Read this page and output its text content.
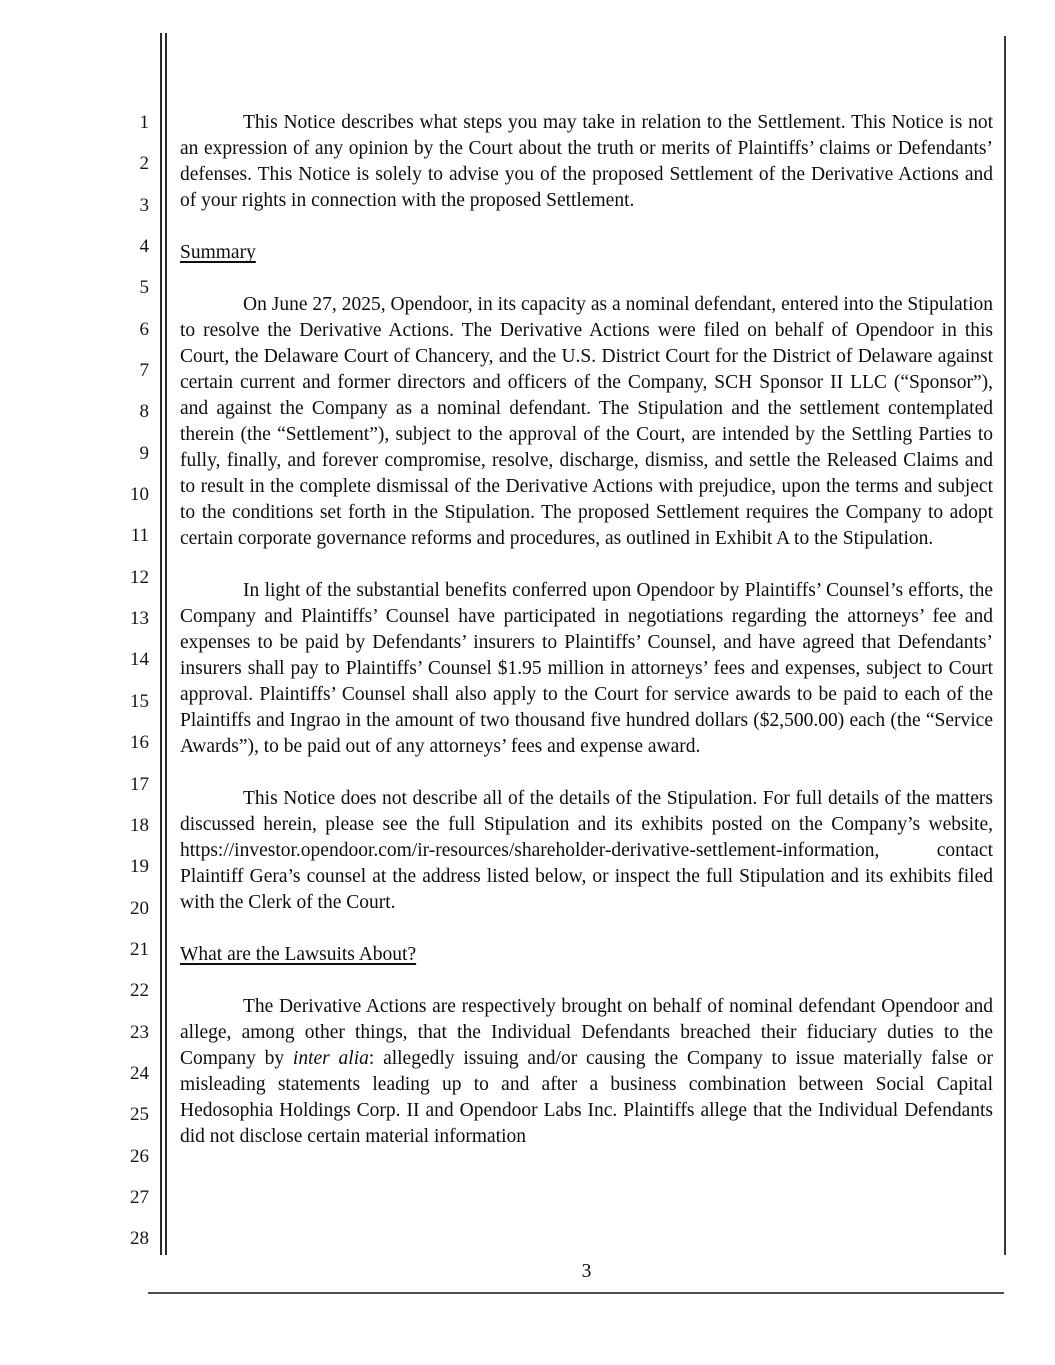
1
2
3
4
5
6
7
8
9
10
11
12
13
14
15
16
17
18
19
20
21
22
23
24
25
26
27
28

This Notice describes what steps you may take in relation to the Settlement. This Notice is not an expression of any opinion by the Court about the truth or merits of Plaintiffs’ claims or Defendants’ defenses. This Notice is solely to advise you of the proposed Settlement of the Derivative Actions and of your rights in connection with the proposed Settlement.

Summary

On June 27, 2025, Opendoor, in its capacity as a nominal defendant, entered into the Stipulation to resolve the Derivative Actions. The Derivative Actions were filed on behalf of Opendoor in this Court, the Delaware Court of Chancery, and the U.S. District Court for the District of Delaware against certain current and former directors and officers of the Company, SCH Sponsor II LLC (“Sponsor”), and against the Company as a nominal defendant. The Stipulation and the settlement contemplated therein (the “Settlement”), subject to the approval of the Court, are intended by the Settling Parties to fully, finally, and forever compromise, resolve, discharge, dismiss, and settle the Released Claims and to result in the complete dismissal of the Derivative Actions with prejudice, upon the terms and subject to the conditions set forth in the Stipulation. The proposed Settlement requires the Company to adopt certain corporate governance reforms and procedures, as outlined in Exhibit A to the Stipulation.

In light of the substantial benefits conferred upon Opendoor by Plaintiffs’ Counsel’s efforts, the Company and Plaintiffs’ Counsel have participated in negotiations regarding the attorneys’ fee and expenses to be paid by Defendants’ insurers to Plaintiffs’ Counsel, and have agreed that Defendants’ insurers shall pay to Plaintiffs’ Counsel $1.95 million in attorneys’ fees and expenses, subject to Court approval. Plaintiffs’ Counsel shall also apply to the Court for service awards to be paid to each of the Plaintiffs and Ingrao in the amount of two thousand five hundred dollars ($2,500.00) each (the “Service Awards”), to be paid out of any attorneys’ fees and expense award.

This Notice does not describe all of the details of the Stipulation. For full details of the matters discussed herein, please see the full Stipulation and its exhibits posted on the Company’s website, https://investor.opendoor.com/ir-resources/shareholder-derivative-settlement-information, contact Plaintiff Gera’s counsel at the address listed below, or inspect the full Stipulation and its exhibits filed with the Clerk of the Court.

What are the Lawsuits About?

The Derivative Actions are respectively brought on behalf of nominal defendant Opendoor and allege, among other things, that the Individual Defendants breached their fiduciary duties to the Company by inter alia: allegedly issuing and/or causing the Company to issue materially false or misleading statements leading up to and after a business combination between Social Capital Hedosophia Holdings Corp. II and Opendoor Labs Inc. Plaintiffs allege that the Individual Defendants did not disclose certain material information

3
